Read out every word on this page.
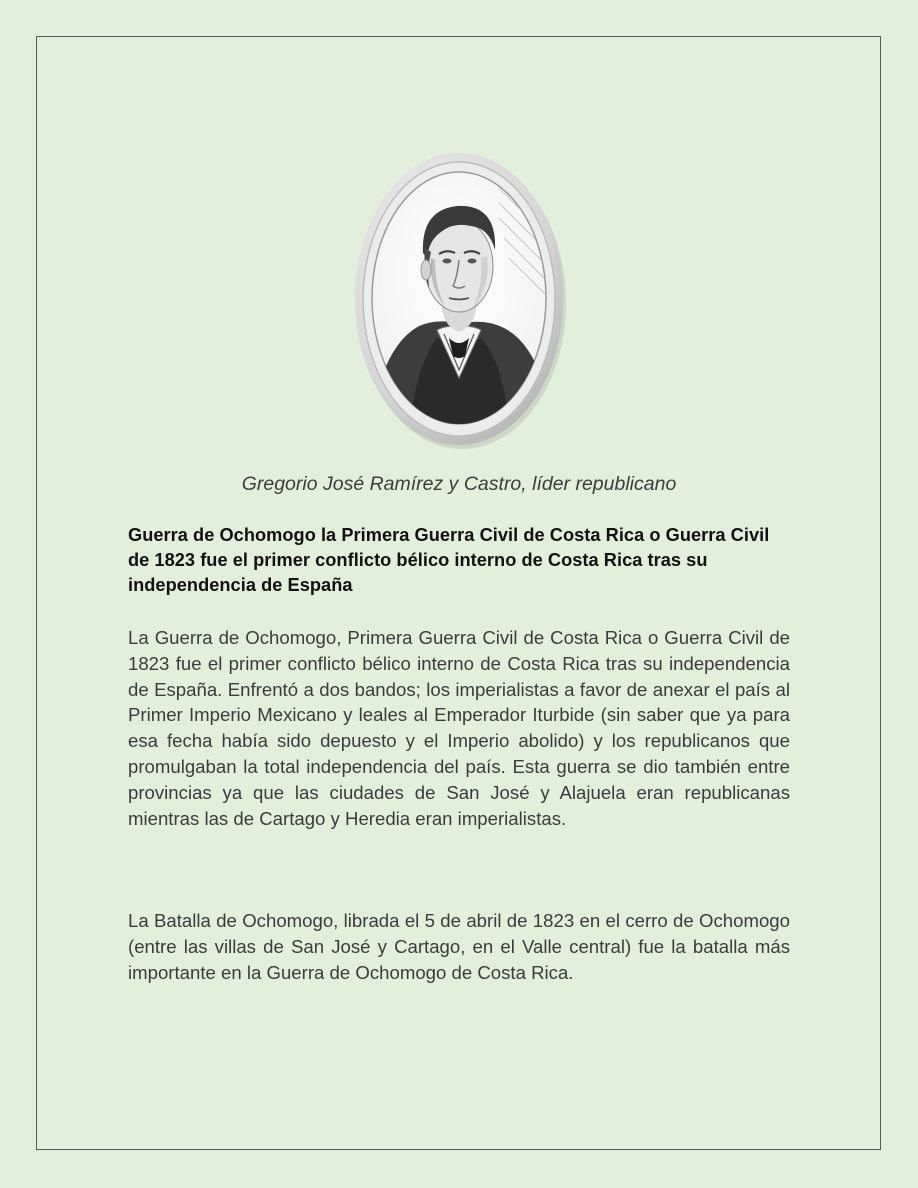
Gregorio José Ramírez y Castro, líder republicano

Guerra de Ochomogo la Primera Guerra Civil de Costa Rica o Guerra Civil de 1823 fue el primer conflicto bélico interno de Costa Rica tras su independencia de España

La Guerra de Ochomogo, Primera Guerra Civil de Costa Rica o Guerra Civil de 1823 fue el primer conflicto bélico interno de Costa Rica tras su independencia de España. Enfrentó a dos bandos; los imperialistas a favor de anexar el país al Primer Imperio Mexicano y leales al Emperador Iturbide (sin saber que ya para esa fecha había sido depuesto y el Imperio abolido) y los republicanos que promulgaban la total independencia del país. Esta guerra se dio también entre provincias ya que las ciudades de San José y Alajuela eran republicanas mientras las de Cartago y Heredia eran imperialistas.

La Batalla de Ochomogo, librada el 5 de abril de 1823 en el cerro de Ochomogo (entre las villas de San José y Cartago, en el Valle central) fue la batalla más importante en la Guerra de Ochomogo de Costa Rica.
